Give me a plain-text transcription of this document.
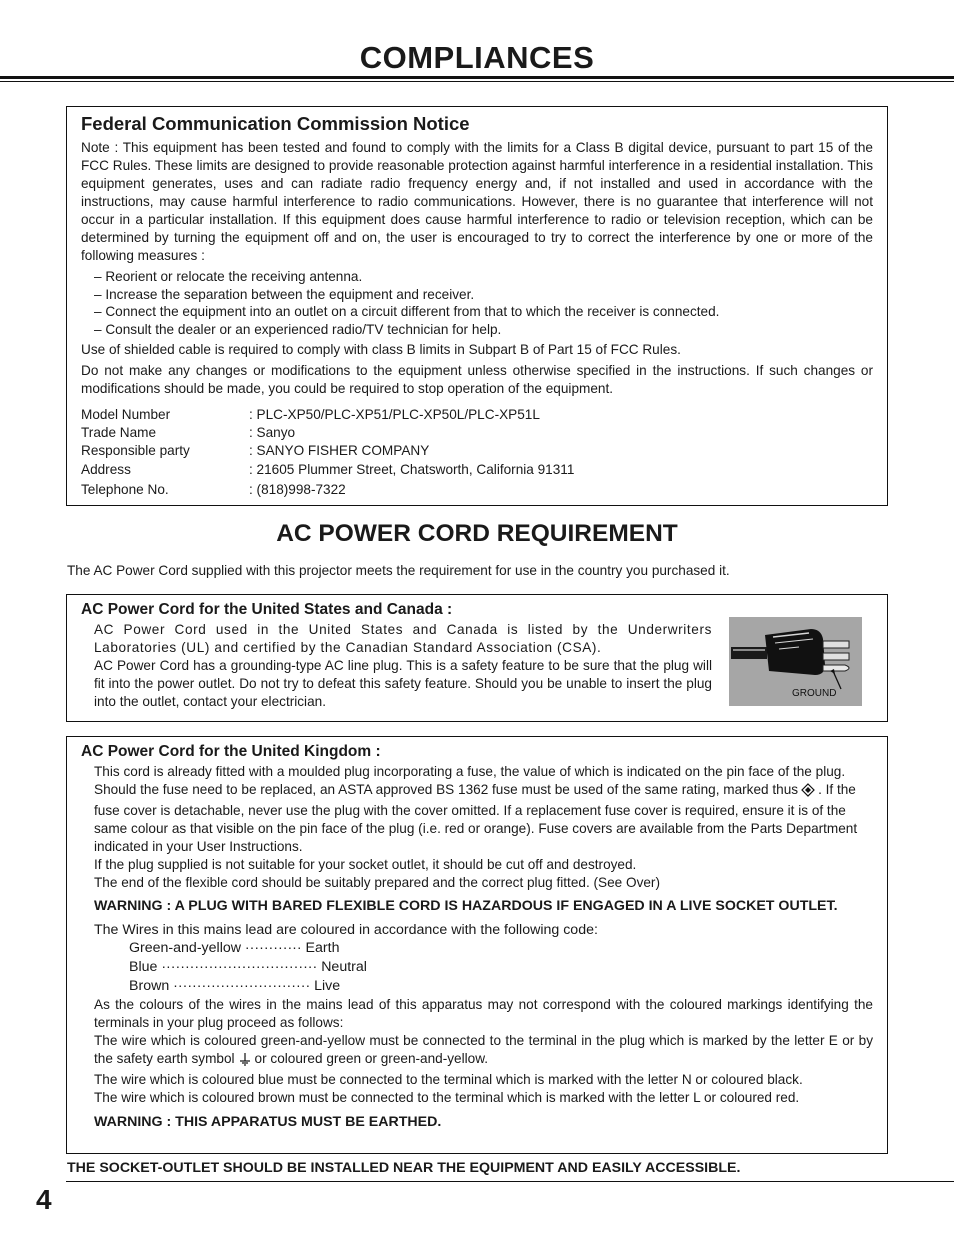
COMPLIANCES
Federal Communication Commission Notice

Note : This equipment has been tested and found to comply with the limits for a Class B digital device, pursuant to part 15 of the FCC Rules. These limits are designed to provide reasonable protection against harmful interference in a residential installation. This equipment generates, uses and can radiate radio frequency energy and, if not installed and used in accordance with the instructions, may cause harmful interference to radio communications. However, there is no guarantee that interference will not occur in a particular installation. If this equipment does cause harmful interference to radio or television reception, which can be determined by turning the equipment off and on, the user is encouraged to try to correct the interference by one or more of the following measures :

– Reorient or relocate the receiving antenna.
– Increase the separation between the equipment and receiver.
– Connect the equipment into an outlet on a circuit different from that to which the receiver is connected.
– Consult the dealer or an experienced radio/TV technician for help.

Use of shielded cable is required to comply with class B limits in Subpart B of Part 15 of FCC Rules.

Do not make any changes or modifications to the equipment unless otherwise specified in the instructions. If such changes or modifications should be made, you could be required to stop operation of the equipment.

Model Number	: PLC-XP50/PLC-XP51/PLC-XP50L/PLC-XP51L
Trade Name	: Sanyo
Responsible party	: SANYO FISHER COMPANY
Address	: 21605 Plummer Street, Chatsworth, California 91311
Telephone No.	: (818)998-7322
AC POWER CORD REQUIREMENT
The AC Power Cord supplied with this projector meets the requirement for use in the country you purchased it.
AC Power Cord for the United States and Canada :

AC Power Cord used in the United States and Canada is listed by the Underwriters Laboratories (UL) and certified by the Canadian Standard Association (CSA).

AC Power Cord has a grounding-type AC line plug. This is a safety feature to be sure that the plug will fit into the power outlet. Do not try to defeat this safety feature. Should you be unable to insert the plug into the outlet, contact your electrician.

GROUND
AC Power Cord for the United Kingdom :

This cord is already fitted with a moulded plug incorporating a fuse, the value of which is indicated on the pin face of the plug. Should the fuse need to be replaced, an ASTA approved BS 1362 fuse must be used of the same rating, marked thus . If the fuse cover is detachable, never use the plug with the cover omitted. If a replacement fuse cover is required, ensure it is of the same colour as that visible on the pin face of the plug (i.e. red or orange). Fuse covers are available from the Parts Department indicated in your User Instructions.

If the plug supplied is not suitable for your socket outlet, it should be cut off and destroyed.

The end of the flexible cord should be suitably prepared and the correct plug fitted. (See Over)

WARNING : A PLUG WITH BARED FLEXIBLE CORD IS HAZARDOUS IF ENGAGED IN A LIVE SOCKET OUTLET.

The Wires in this mains lead are coloured in accordance with the following code:

Green-and-yellow ············ Earth
Blue ································· Neutral
Brown ····························· Live

As the colours of the wires in the mains lead of this apparatus may not correspond with the coloured markings identifying the terminals in your plug proceed as follows:

The wire which is coloured green-and-yellow must be connected to the terminal in the plug which is marked by the letter E or by the safety earth symbol or coloured green or green-and-yellow.

The wire which is coloured blue must be connected to the terminal which is marked with the letter N or coloured black.

The wire which is coloured brown must be connected to the terminal which is marked with the letter L or coloured red.

WARNING : THIS APPARATUS MUST BE EARTHED.

THE SOCKET-OUTLET SHOULD BE INSTALLED NEAR THE EQUIPMENT AND EASILY ACCESSIBLE.
4
